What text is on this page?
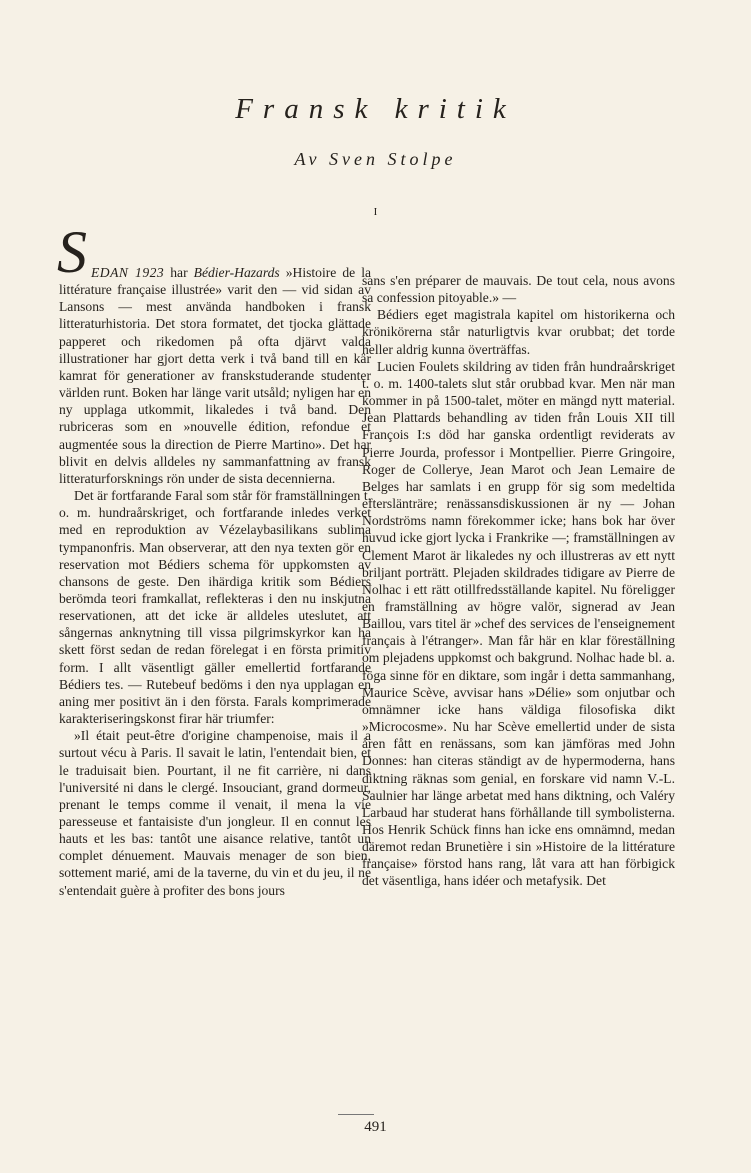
Fransk kritik
Av Sven Stolpe
I

SEDAN 1923 har Bédier-Hazards »Histoire de la littérature française illustrée» varit den — vid sidan av Lansons — mest använda handboken i fransk litteraturhistoria. Det stora formatet, det tjocka glättade papperet och rikedomen på ofta djärvt valda illustrationer har gjort detta verk i två band till en kär kamrat för generationer av franskstuderande studenter världen runt. Boken har länge varit utsåld; nyligen har en ny upplaga utkommit, likaledes i två band. Den rubriceras som en »nouvelle édition, refondue et augmentée sous la direction de Pierre Martino». Det har blivit en delvis alldeles ny sammanfattning av fransk litteraturforsknings rön under de sista decennierna.

Det är fortfarande Faral som står för framställningen t. o. m. hundraårskriget, och fortfarande inledes verket med en reproduktion av Vézelaybasilikans sublima tympanonfris. Man observerar, att den nya texten gör en reservation mot Bédiers schema för uppkomsten av chansons de geste. Den ihärdiga kritik som Bédiers berömda teori framkallat, reflekteras i den nu inskjutna reservationen, att det icke är alldeles uteslutet, att sångernas anknytning till vissa pilgrimskyrkor kan ha skett först sedan de redan förelegat i en första primitiv form. I allt väsentligt gäller emellertid fortfarande Bédiers tes. — Rutebeuf bedöms i den nya upplagan en aning mer positivt än i den första. Farals komprimerade karakteriseringskonst firar här triumfer:

»Il était peut-être d'origine champenoise, mais il a surtout vécu à Paris. Il savait le latin, l'entendait bien, et le traduisait bien. Pourtant, il ne fit carrière, ni dans l'université ni dans le clergé. Insouciant, grand dormeur, prenant le temps comme il venait, il mena la vie paresseuse et fantaisiste d'un jongleur. Il en connut les hauts et les bas: tantôt une aisance relative, tantôt un complet dénuement. Mauvais menager de son bien, sottement marié, ami de la taverne, du vin et du jeu, il ne s'entendait guère à profiter des bons jours

sans s'en préparer de mauvais. De tout cela, nous avons sa confession pitoyable.» —

Bédiers eget magistrala kapitel om historikerna och krönikörerna står naturligtvis kvar orubbat; det torde heller aldrig kunna överträffas.

Lucien Foulets skildring av tiden från hundraårskriget t. o. m. 1400-talets slut står orubbad kvar. Men när man kommer in på 1500-talet, möter en mängd nytt material. Jean Plattards behandling av tiden från Louis XII till François I:s död har ganska ordentligt reviderats av Pierre Jourda, professor i Montpellier. Pierre Gringoire, Roger de Collerye, Jean Marot och Jean Lemaire de Belges har samlats i en grupp för sig som medeltida efterslänträre; renässansdiskussionen är ny — Johan Nordströms namn förekommer icke; hans bok har över huvud icke gjort lycka i Frankrike —; framställningen av Clement Marot är likaledes ny och illustreras av ett nytt briljant porträtt. Plejaden skildrades tidigare av Pierre de Nolhac i ett rätt otillfredsställande kapitel. Nu föreligger en framställning av högre valör, signerad av Jean Baillou, vars titel är »chef des services de l'enseignement français à l'étranger». Man får här en klar föreställning om plejadens uppkomst och bakgrund. Nolhac hade bl. a. föga sinne för en diktare, som ingår i detta sammanhang, Maurice Scève, avvisar hans »Délie» som onjutbar och omnämner icke hans väldiga filosofiska dikt »Microcosme». Nu har Scève emellertid under de sista åren fått en renässans, som kan jämföras med John Donnes: han citeras ständigt av de hypermoderna, hans diktning räknas som genial, en forskare vid namn V.-L. Saulnier har länge arbetat med hans diktning, och Valéry Larbaud har studerat hans förhållande till symbolisterna. Hos Henrik Schück finns han icke ens omnämnd, medan däremot redan Brunetière i sin »Histoire de la littérature française» förstod hans rang, låt vara att han förbigick det väsentliga, hans idéer och metafysik. Det

491
